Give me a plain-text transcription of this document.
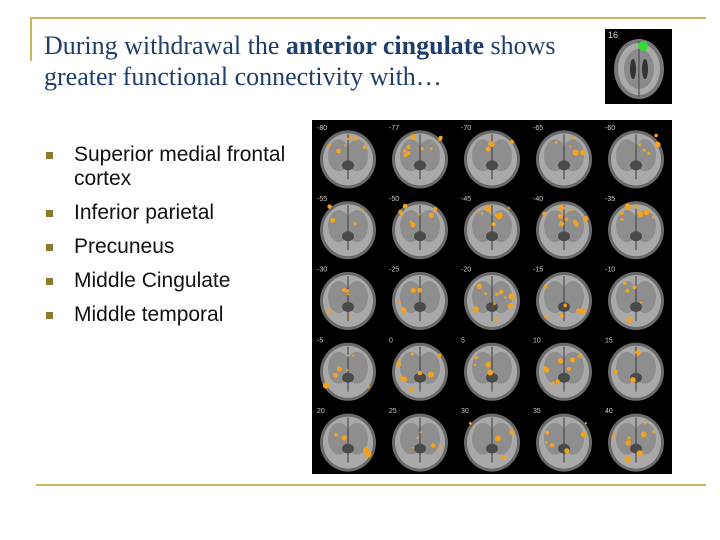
During withdrawal the anterior cingulate shows greater functional connectivity with…
Superior medial frontal cortex
Inferior parietal
Precuneus
Middle Cingulate
Middle temporal
16
-80	-77	-70	-65	-60
-55	-50	-45	-40	-35
-30	-25	-20	-15	-10
-5	0	5	10	15
20	25	30	35	40
